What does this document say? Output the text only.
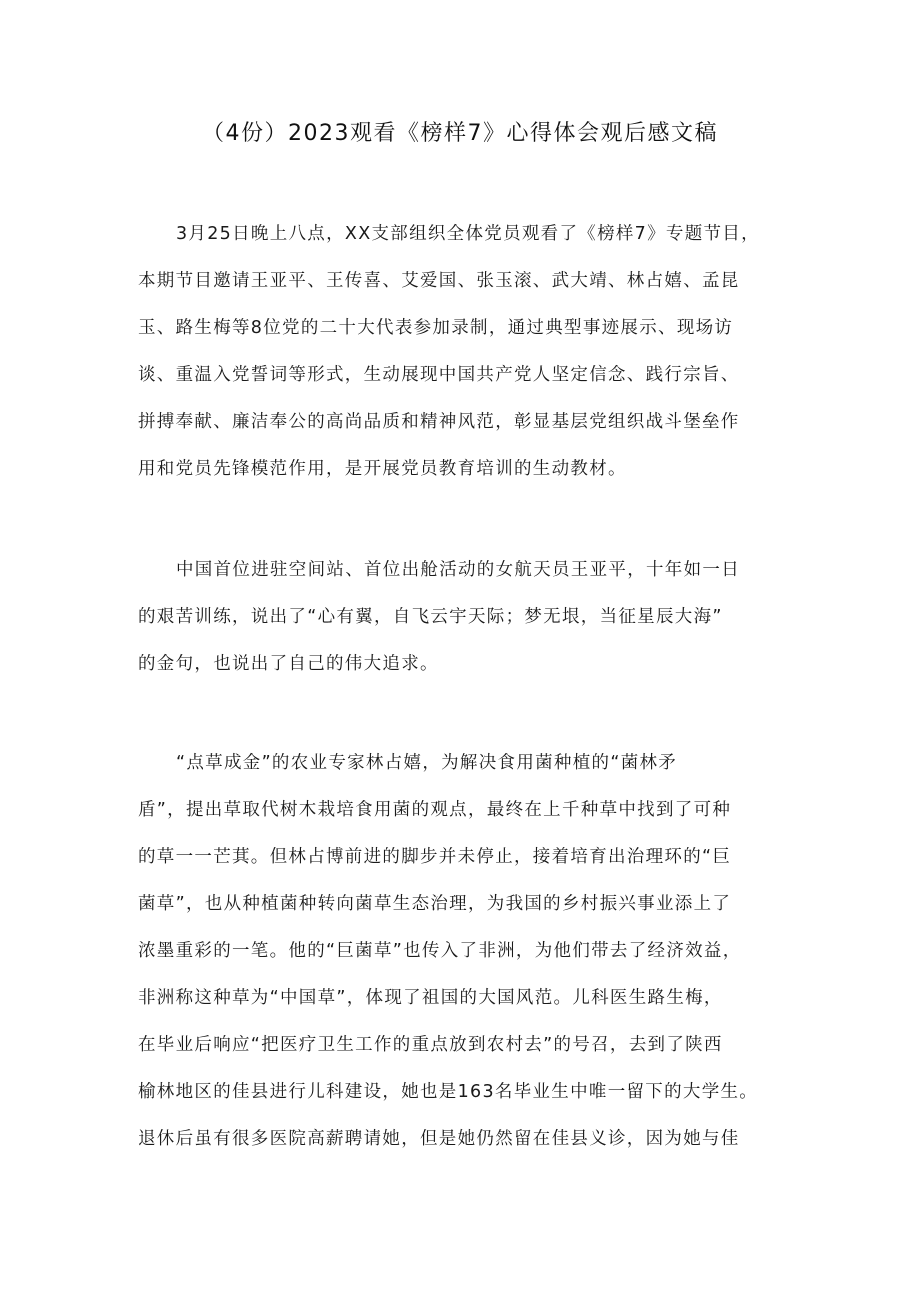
（4份）2023观看《榜样7》心得体会观后感文稿
3月25日晚上八点，XX支部组织全体党员观看了《榜样7》专题节目，
本期节目邀请王亚平、王传喜、艾爱国、张玉滚、武大靖、林占嬉、孟昆
玉、路生梅等8位党的二十大代表参加录制，通过典型事迹展示、现场访
谈、重温入党誓词等形式，生动展现中国共产党人坚定信念、践行宗旨、
拼搏奉献、廉洁奉公的高尚品质和精神风范，彰显基层党组织战斗堡垒作
用和党员先锋模范作用，是开展党员教育培训的生动教材。
中国首位进驻空间站、首位出舱活动的女航天员王亚平，十年如一日
的艰苦训练，说出了“心有翼，自飞云宇天际；梦无垠，当征星辰大海”
的金句，也说出了自己的伟大追求。
“点草成金”的农业专家林占嬉，为解决食用菌种植的“菌林矛
盾”，提出草取代树木栽培食用菌的观点，最终在上千种草中找到了可种
的草一一芒萁。但林占博前进的脚步并未停止，接着培育出治理环的“巨
菌草”，也从种植菌种转向菌草生态治理，为我国的乡村振兴事业添上了
浓墨重彩的一笔。他的“巨菌草”也传入了非洲，为他们带去了经济效益，
非洲称这种草为“中国草”，体现了祖国的大国风范。儿科医生路生梅，
在毕业后响应“把医疗卫生工作的重点放到农村去”的号召，去到了陕西
榆林地区的佳县进行儿科建设，她也是163名毕业生中唯一留下的大学生。
退休后虽有很多医院高薪聘请她，但是她仍然留在佳县义诊，因为她与佳
